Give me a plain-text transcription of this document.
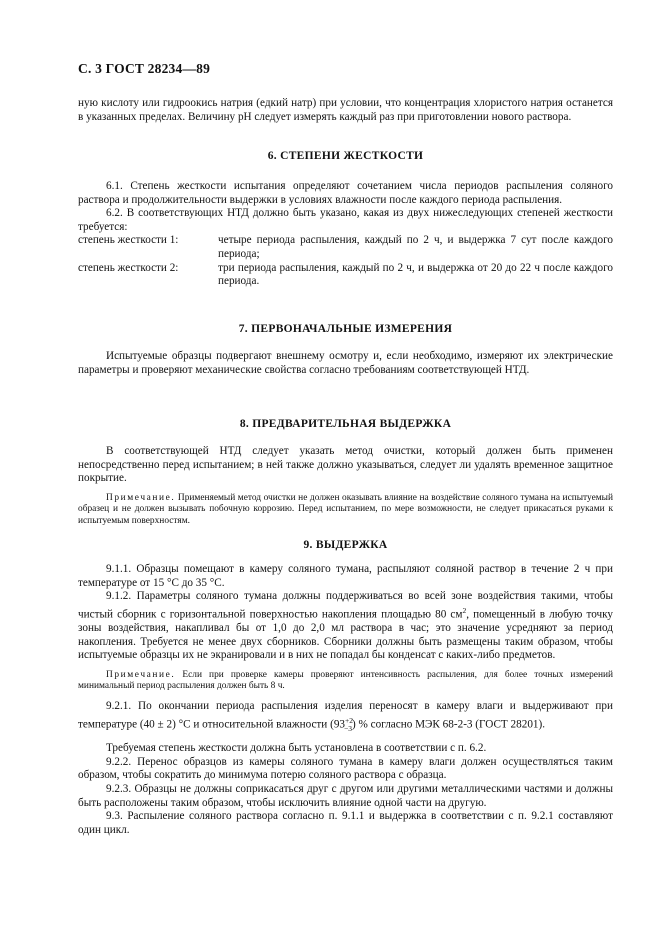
С. 3 ГОСТ 28234—89

ную кислоту или гидроокись натрия (едкий натр) при условии, что концентрация хлористого натрия останется в указанных пределах. Величину рН следует измерять каждый раз при приготовлении нового раствора.

6. СТЕПЕНИ ЖЕСТКОСТИ

6.1. Степень жесткости испытания определяют сочетанием числа периодов распыления соляного раствора и продолжительности выдержки в условиях влажности после каждого периода распыления.

6.2. В соответствующих НТД должно быть указано, какая из двух нижеследующих степеней жесткости требуется:

степень жесткости 1:	четыре периода распыления, каждый по 2 ч, и выдержка 7 сут после каждого периода;
степень жесткости 2:	три периода распыления, каждый по 2 ч, и выдержка от 20 до 22 ч после каждого периода.

7. ПЕРВОНАЧАЛЬНЫЕ ИЗМЕРЕНИЯ

Испытуемые образцы подвергают внешнему осмотру и, если необходимо, измеряют их электрические параметры и проверяют механические свойства согласно требованиям соответствующей НТД.

8. ПРЕДВАРИТЕЛЬНАЯ ВЫДЕРЖКА

В соответствующей НТД следует указать метод очистки, который должен быть применен непосредственно перед испытанием; в ней также должно указываться, следует ли удалять временное защитное покрытие.

Примечание. Применяемый метод очистки не должен оказывать влияние на воздействие соляного тумана на испытуемый образец и не должен вызывать побочную коррозию. Перед испытанием, по мере возможности, не следует прикасаться руками к испытуемым поверхностям.

9. ВЫДЕРЖКА

9.1.1. Образцы помещают в камеру соляного тумана, распыляют соляной раствор в течение 2 ч при температуре от 15 °С до 35 °С.

9.1.2. Параметры соляного тумана должны поддерживаться во всей зоне воздействия такими, чтобы чистый сборник с горизонтальной поверхностью накопления площадью 80 $см^2$, помещенный в любую точку зоны воздействия, накапливал бы от 1,0 до 2,0 мл раствора в час; это значение усредняют за период накопления. Требуется не менее двух сборников. Сборники должны быть размещены таким образом, чтобы испытуемые образцы их не экранировали и в них не попадал бы конденсат с каких-либо предметов.

Примечание. Если при проверке камеры проверяют интенсивность распыления, для более точных измерений минимальный период распыления должен быть 8 ч.

9.2.1. По окончании периода распыления изделия переносят в камеру влаги и выдерживают при температуре (40 ± 2) °С и относительной влажности $(93^{+2}_{-3})$ % согласно МЭК 68-2-3 (ГОСТ 28201).

Требуемая степень жесткости должна быть установлена в соответствии с п. 6.2.

9.2.2. Перенос образцов из камеры соляного тумана в камеру влаги должен осуществляться таким образом, чтобы сократить до минимума потерю соляного раствора с образца.

9.2.3. Образцы не должны соприкасаться друг с другом или другими металлическими частями и должны быть расположены таким образом, чтобы исключить влияние одной части на другую.

9.3. Распыление соляного раствора согласно п. 9.1.1 и выдержка в соответствии с п. 9.2.1 составляют один цикл.
